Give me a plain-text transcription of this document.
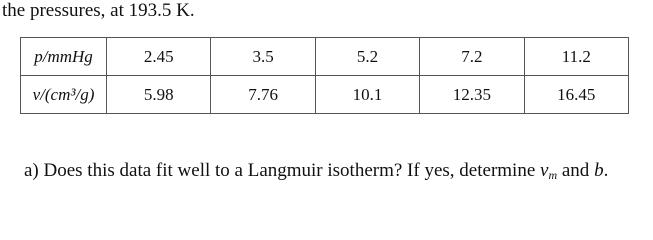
the pressures, at 193.5 K.
p/mmHg	2.45	3.5	5.2	7.2	11.2
v/(cm³/g)	5.98	7.76	10.1	12.35	16.45
a) Does this data fit well to a Langmuir isotherm? If yes, determine $v_m$ and b.
